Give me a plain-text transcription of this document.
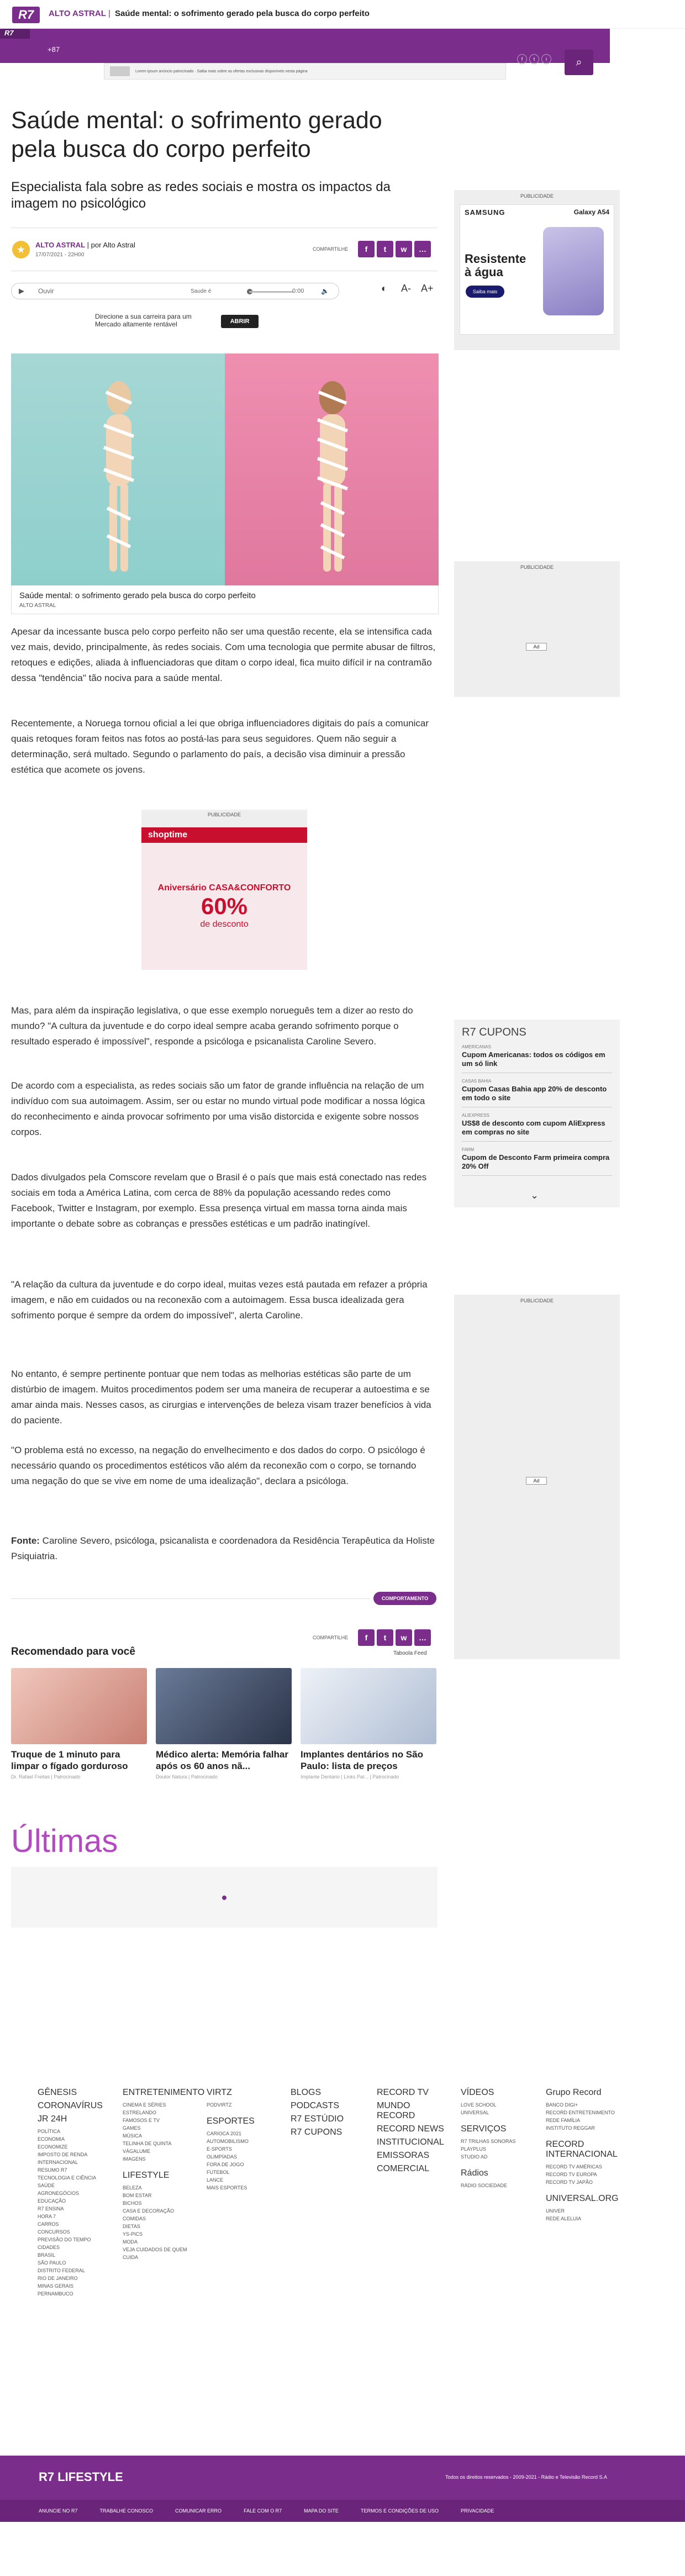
R7	ALTO ASTRAL | Saúde mental: o sofrimento gerado pela busca do corpo perfeito
R7
+87
f	t	i	⌕
Lorem ipsum anúncio patrocinado · Saiba mais sobre as ofertas exclusivas disponíveis nesta página
Saúde mental: o sofrimento gerado pela busca do corpo perfeito
Especialista fala sobre as redes sociais e mostra os impactos da imagem no psicológico
★	ALTO ASTRAL | por Alto Astral
17/07/2021 - 22H00
COMPARTILHE	f	t	w	…
▶	Ouvir	Saude é	0:00	🔈	◐ A- A+
Direcione a sua carreira para um Mercado altamente rentável	ABRIR
Saúde mental: o sofrimento gerado pela busca do corpo perfeito
ALTO ASTRAL

Apesar da incessante busca pelo corpo perfeito não ser uma questão recente, ela se intensifica cada vez mais, devido, principalmente, às redes sociais. Com uma tecnologia que permite abusar de filtros, retoques e edições, aliada à influenciadoras que ditam o corpo ideal, fica muito difícil ir na contramão dessa "tendência" tão nociva para a saúde mental.

Recentemente, a Noruega tornou oficial a lei que obriga influenciadores digitais do país a comunicar quais retoques foram feitos nas fotos ao postá-las para seus seguidores. Quem não seguir a determinação, será multado. Segundo o parlamento do país, a decisão visa diminuir a pressão estética que acomete os jovens.

PUBLICIDADE
shoptime
Aniversário CASA&CONFORTO
60%
de desconto

Mas, para além da inspiração legislativa, o que esse exemplo norueguês tem a dizer ao resto do mundo? "A cultura da juventude e do corpo ideal sempre acaba gerando sofrimento porque o resultado esperado é impossível", responde a psicóloga e psicanalista Caroline Severo.

De acordo com a especialista, as redes sociais são um fator de grande influência na relação de um indivíduo com sua autoimagem. Assim, ser ou estar no mundo virtual pode modificar a nossa lógica do reconhecimento e ainda provocar sofrimento por uma visão distorcida e exigente sobre nossos corpos.

Dados divulgados pela Comscore revelam que o Brasil é o país que mais está conectado nas redes sociais em toda a América Latina, com cerca de 88% da população acessando redes como Facebook, Twitter e Instagram, por exemplo. Essa presença virtual em massa torna ainda mais importante o debate sobre as cobranças e pressões estéticas e um padrão inatingível.

"A relação da cultura da juventude e do corpo ideal, muitas vezes está pautada em refazer a própria imagem, e não em cuidados ou na reconexão com a autoimagem. Essa busca idealizada gera sofrimento porque é sempre da ordem do impossível", alerta Caroline.

No entanto, é sempre pertinente pontuar que nem todas as melhorias estéticas são parte de um distúrbio de imagem. Muitos procedimentos podem ser uma maneira de recuperar a autoestima e se amar ainda mais. Nesses casos, as cirurgias e intervenções de beleza visam trazer benefícios à vida do paciente.

"O problema está no excesso, na negação do envelhecimento e dos dados do corpo. O psicólogo é necessário quando os procedimentos estéticos vão além da reconexão com o corpo, se tornando uma negação do que se vive em nome de uma idealização", declara a psicóloga.

Fonte: Caroline Severo, psicóloga, psicanalista e coordenadora da Residência Terapêutica da Holiste Psiquiatria.

COMPORTAMENTO
COMPARTILHE	f	t	w	…
Recomendado para você	Taboola Feed
Truque de 1 minuto para limpar o fígado gorduroso
Dr. Rafael Freitas | Patrocinado
Médico alerta: Memória falhar após os 60 anos nã...
Doutor Natura | Patrocinado
Implantes dentários no São Paulo: lista de preços
Implante Dentario | Links Pat... | Patrocinado
Últimas
PUBLICIDADE
SAMSUNG	Galaxy A54
Resistente à água
Saiba mais
PUBLICIDADE
Ad
R7 CUPONS
AMERICANAS
Cupom Americanas: todos os códigos em um só link
CASAS BAHIA
Cupom Casas Bahia app 20% de desconto em todo o site
ALIEXPRESS
US$8 de desconto com cupom AliExpress em compras no site
FARM
Cupom de Desconto Farm primeira compra 20% Off
⌄
PUBLICIDADE
Ad
GÊNESIS
CORONAVÍRUS
JR 24H
POLÍTICA
ECONOMIA
ECONOMIZE
IMPOSTO DE RENDA
INTERNACIONAL
RESUMO R7
TECNOLOGIA E CIÊNCIA
SAÚDE
AGRONEGÓCIOS
EDUCAÇÃO
R7 ENSINA
HORA 7
CARROS
CONCURSOS
PREVISÃO DO TEMPO
CIDADES
BRASIL
SÃO PAULO
DISTRITO FEDERAL
RIO DE JANEIRO
MINAS GERAIS
PERNAMBUCO
ENTRETENIMENTO
CINEMA E SÉRIES
ESTRELANDO
FAMOSOS E TV
GAMES
MÚSICA
TELINHA DE QUINTA
VÁGALUME
IMAGENS
LIFESTYLE
BELEZA
BOM ESTAR
BICHOS
CASA E DECORAÇÃO
COMIDAS
DIETAS
YS-PICS
MODA
VEJA CUIDADOS DE QUEM CUIDA
VIRTZ
PODVIRTZ
ESPORTES
CARIOCA 2021
AUTOMOBILISMO
E-SPORTS
OLIMPÍADAS
FORA DE JOGO
FUTEBOL
LANCE
MAIS ESPORTES
BLOGS
PODCASTS
R7 ESTÚDIO
R7 CUPONS
RECORD TV
MUNDO RECORD
RECORD NEWS
INSTITUCIONAL
EMISSORAS
COMERCIAL
VÍDEOS
LOVE SCHOOL
UNIVERSAL
SERVIÇOS
R7 TRILHAS SONORAS
PLAYPLUS
STUDIO AD
Rádios
RÁDIO SOCIEDADE
Grupo Record
BANCO DIGI+
RECORD ENTRETENIMENTO
REDE FAMÍLIA
INSTITUTO REGGAR
RECORD INTERNACIONAL
RECORD TV AMÉRICAS
RECORD TV EUROPA
RECORD TV JAPÃO
UNIVERSAL.ORG
UNIVER
REDE ALELUIA
R7 LIFESTYLE	Todos os direitos reservados - 2009-2021 - Rádio e Televisão Record S.A
ANUNCIE NO R7	TRABALHE CONOSCO	COMUNICAR ERRO	FALE COM O R7	MAPA DO SITE	TERMOS E CONDIÇÕES DE USO	PRIVACIDADE
